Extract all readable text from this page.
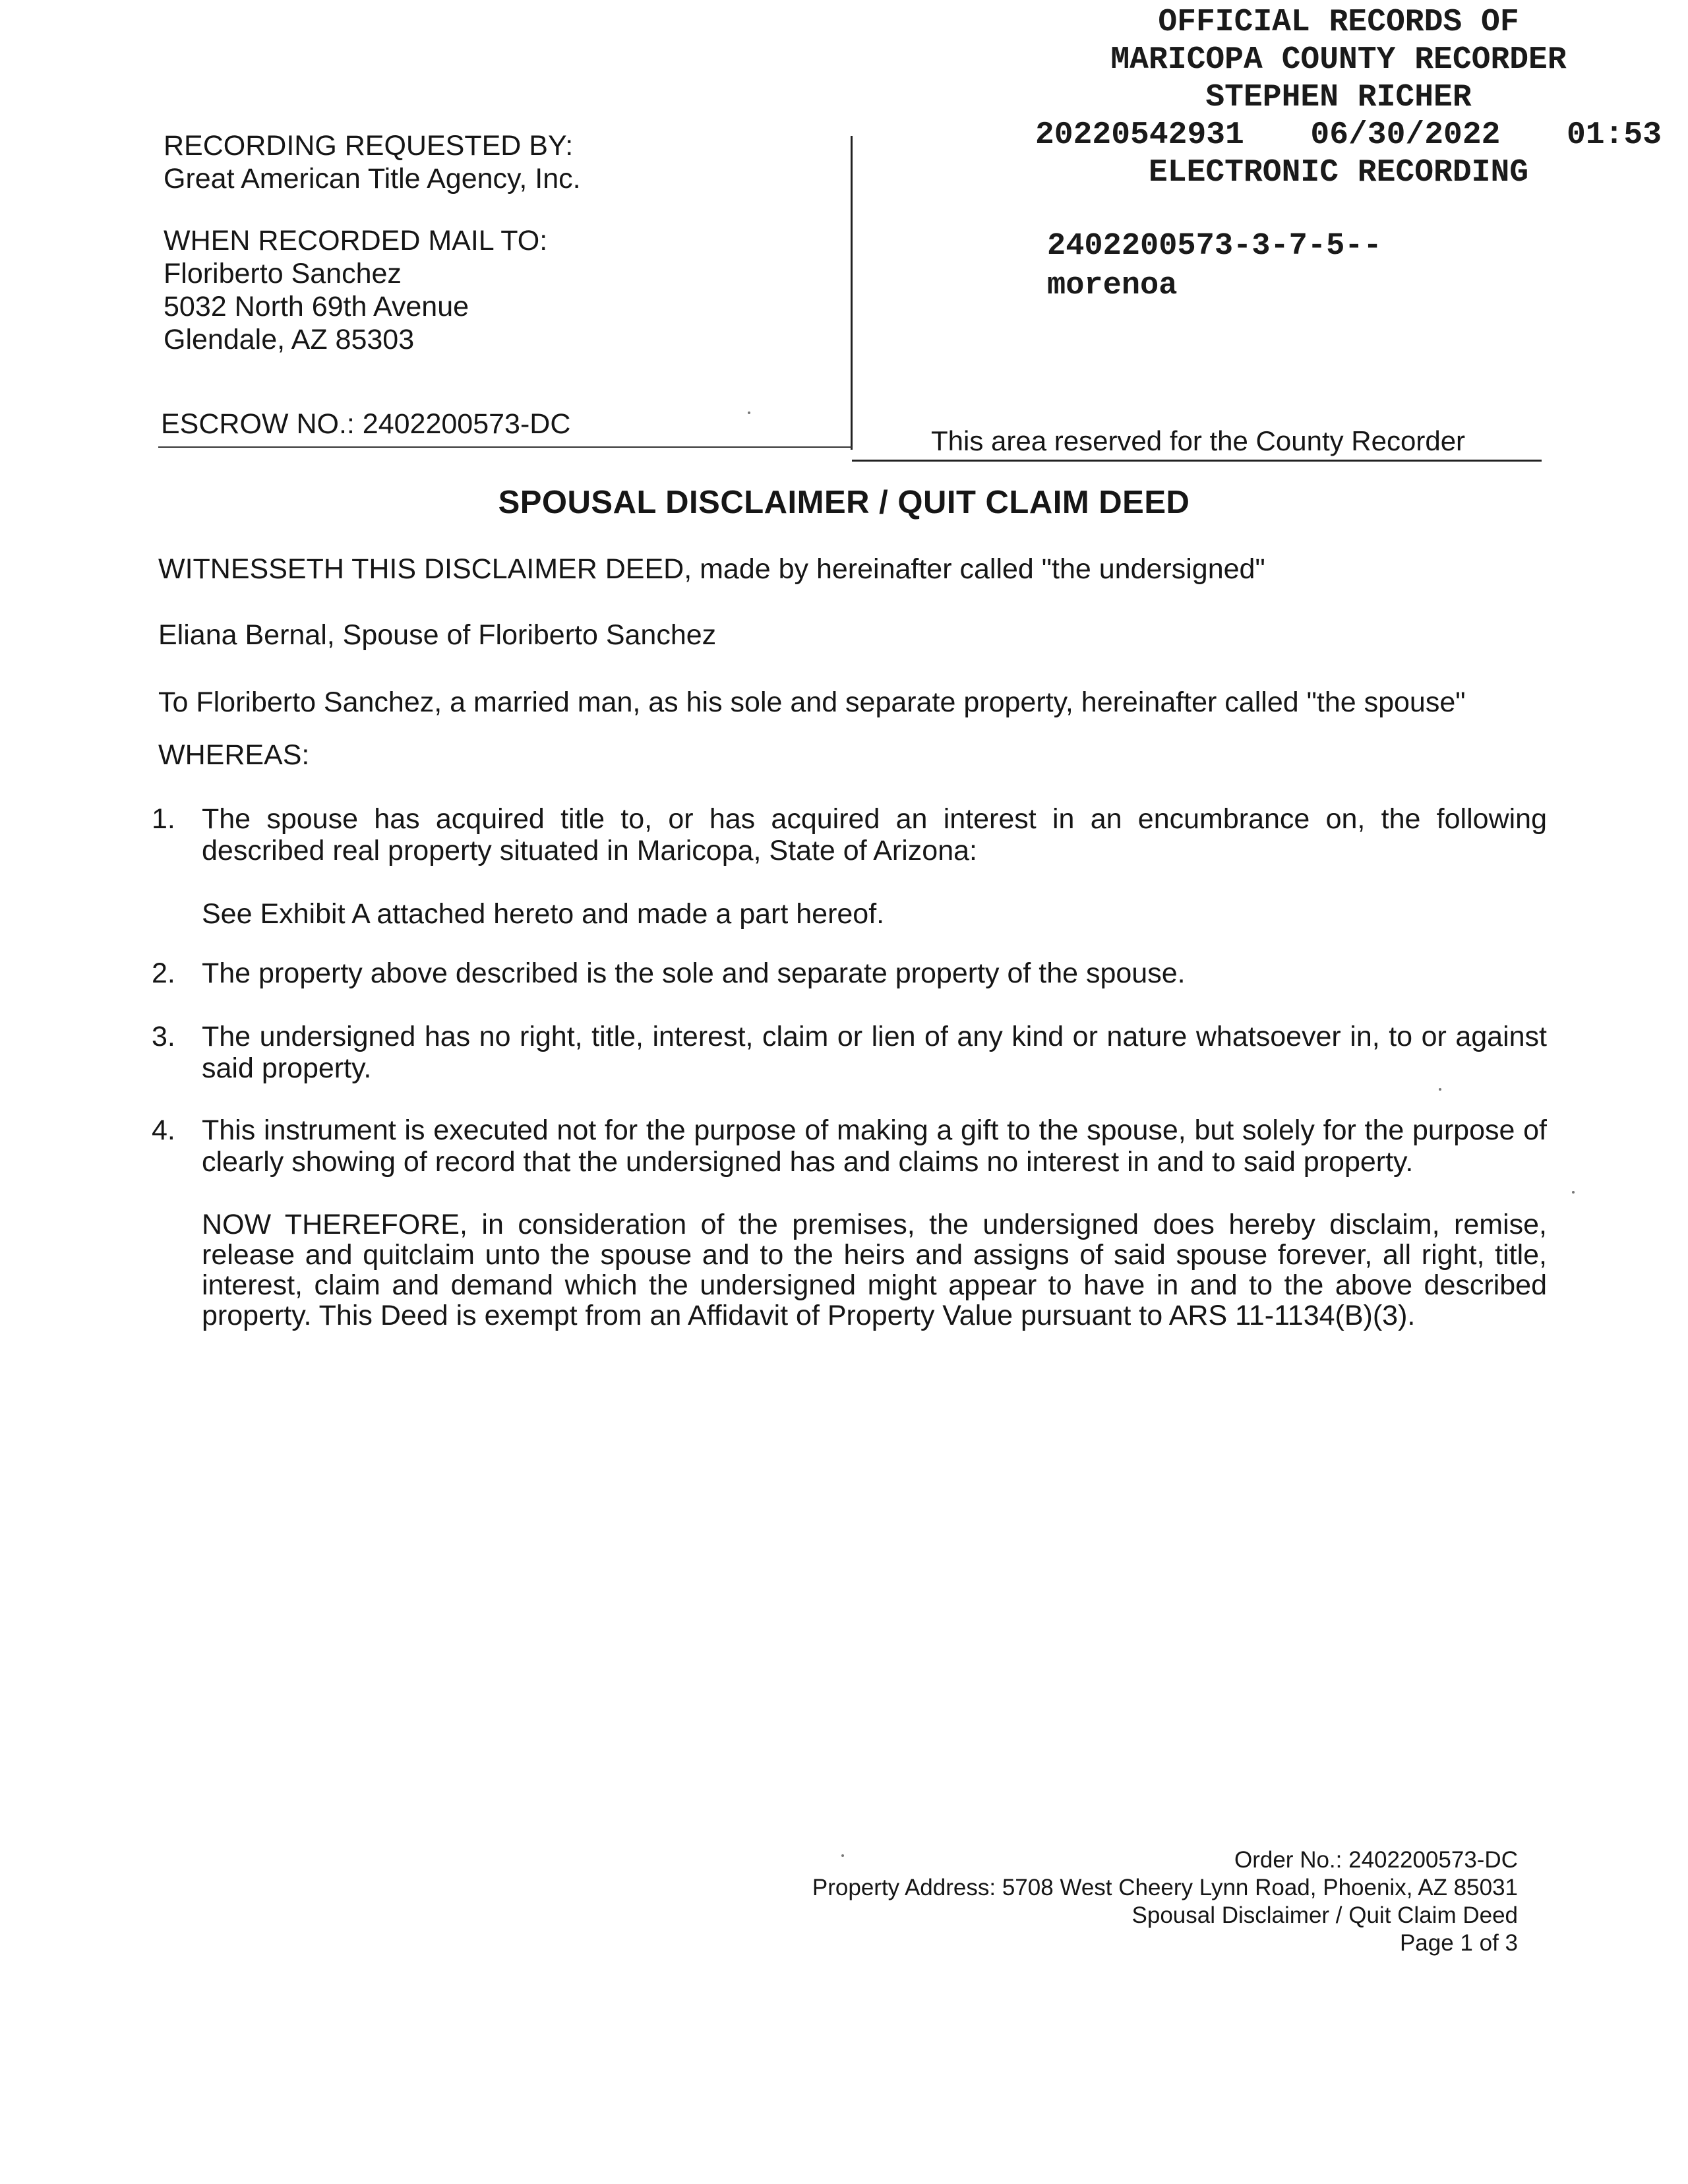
OFFICIAL RECORDS OF
MARICOPA COUNTY RECORDER
STEPHEN RICHER
20220542931 06/30/2022 01:53
ELECTRONIC RECORDING
2402200573-3-7-5--
morenoa
RECORDING REQUESTED BY:
Great American Title Agency, Inc.
WHEN RECORDED MAIL TO:
Floriberto Sanchez
5032 North 69th Avenue
Glendale, AZ 85303
ESCROW NO.: 2402200573-DC
This area reserved for the County Recorder
SPOUSAL DISCLAIMER / QUIT CLAIM DEED
WITNESSETH THIS DISCLAIMER DEED, made by hereinafter called "the undersigned"
Eliana Bernal, Spouse of Floriberto Sanchez
To Floriberto Sanchez, a married man, as his sole and separate property, hereinafter called "the spouse"
WHEREAS:
1. The spouse has acquired title to, or has acquired an interest in an encumbrance on, the following described real property situated in Maricopa, State of Arizona:
See Exhibit A attached hereto and made a part hereof.
2. The property above described is the sole and separate property of the spouse.
3. The undersigned has no right, title, interest, claim or lien of any kind or nature whatsoever in, to or against said property.
4. This instrument is executed not for the purpose of making a gift to the spouse, but solely for the purpose of clearly showing of record that the undersigned has and claims no interest in and to said property.
NOW THEREFORE, in consideration of the premises, the undersigned does hereby disclaim, remise, release and quitclaim unto the spouse and to the heirs and assigns of said spouse forever, all right, title, interest, claim and demand which the undersigned might appear to have in and to the above described property. This Deed is exempt from an Affidavit of Property Value pursuant to ARS 11-1134(B)(3).
Order No.: 2402200573-DC
Property Address: 5708 West Cheery Lynn Road, Phoenix, AZ 85031
Spousal Disclaimer / Quit Claim Deed
Page 1 of 3
